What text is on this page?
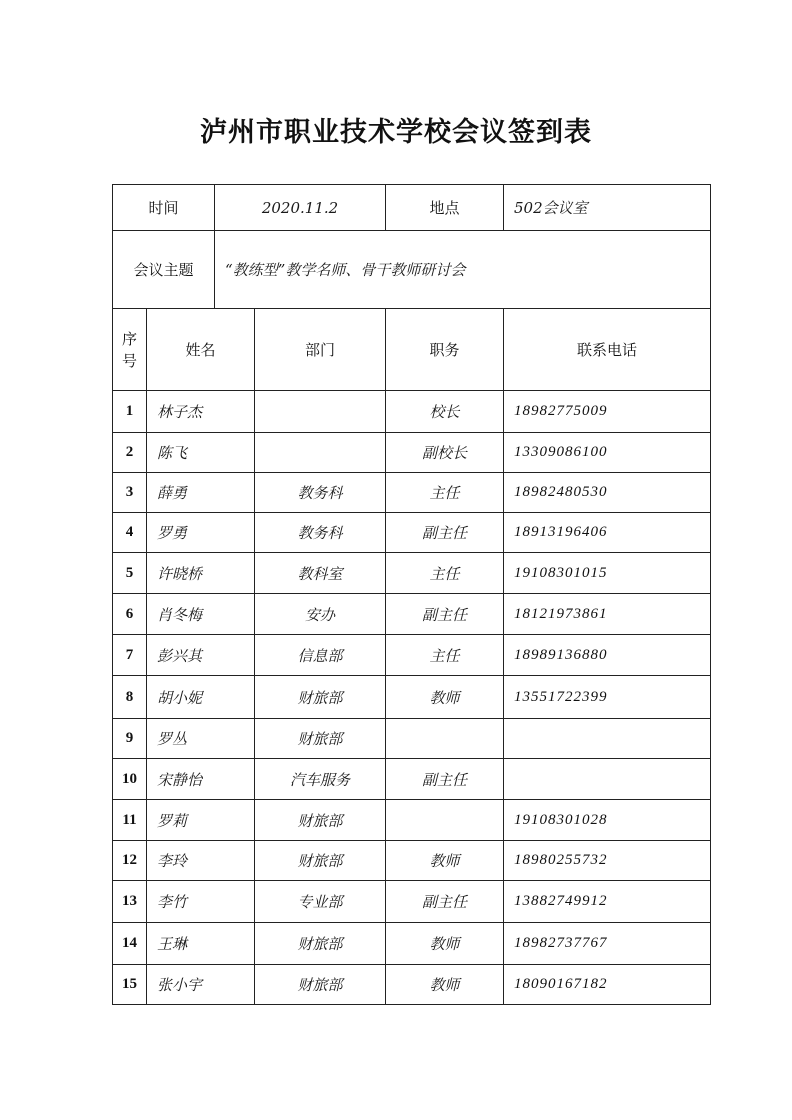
泸州市职业技术学校会议签到表
时间		2020.11.2		地点	502会议室
会议主题		“教练型”教学名师、骨干教师研讨会			

序
号	姓名		部门	职务	联系电话
1	林子杰			校长	18982775009
2	陈飞			副校长	13309086100
3	薛勇		教务科	主任	18982480530
4	罗勇		教务科	副主任	18913196406
5	许晓桥		教科室	主任	19108301015
6	肖冬梅		安办	副主任	18121973861
7	彭兴其		信息部	主任	18989136880
8	胡小妮		财旅部	教师	13551722399
9	罗丛		财旅部		
10	宋静怡		汽车服务	副主任	
11	罗莉		财旅部		19108301028
12	李玲		财旅部	教师	18980255732
13	李竹		专业部	副主任	13882749912
14	王琳		财旅部	教师	18982737767
15	张小宇		财旅部	教师	18090167182
